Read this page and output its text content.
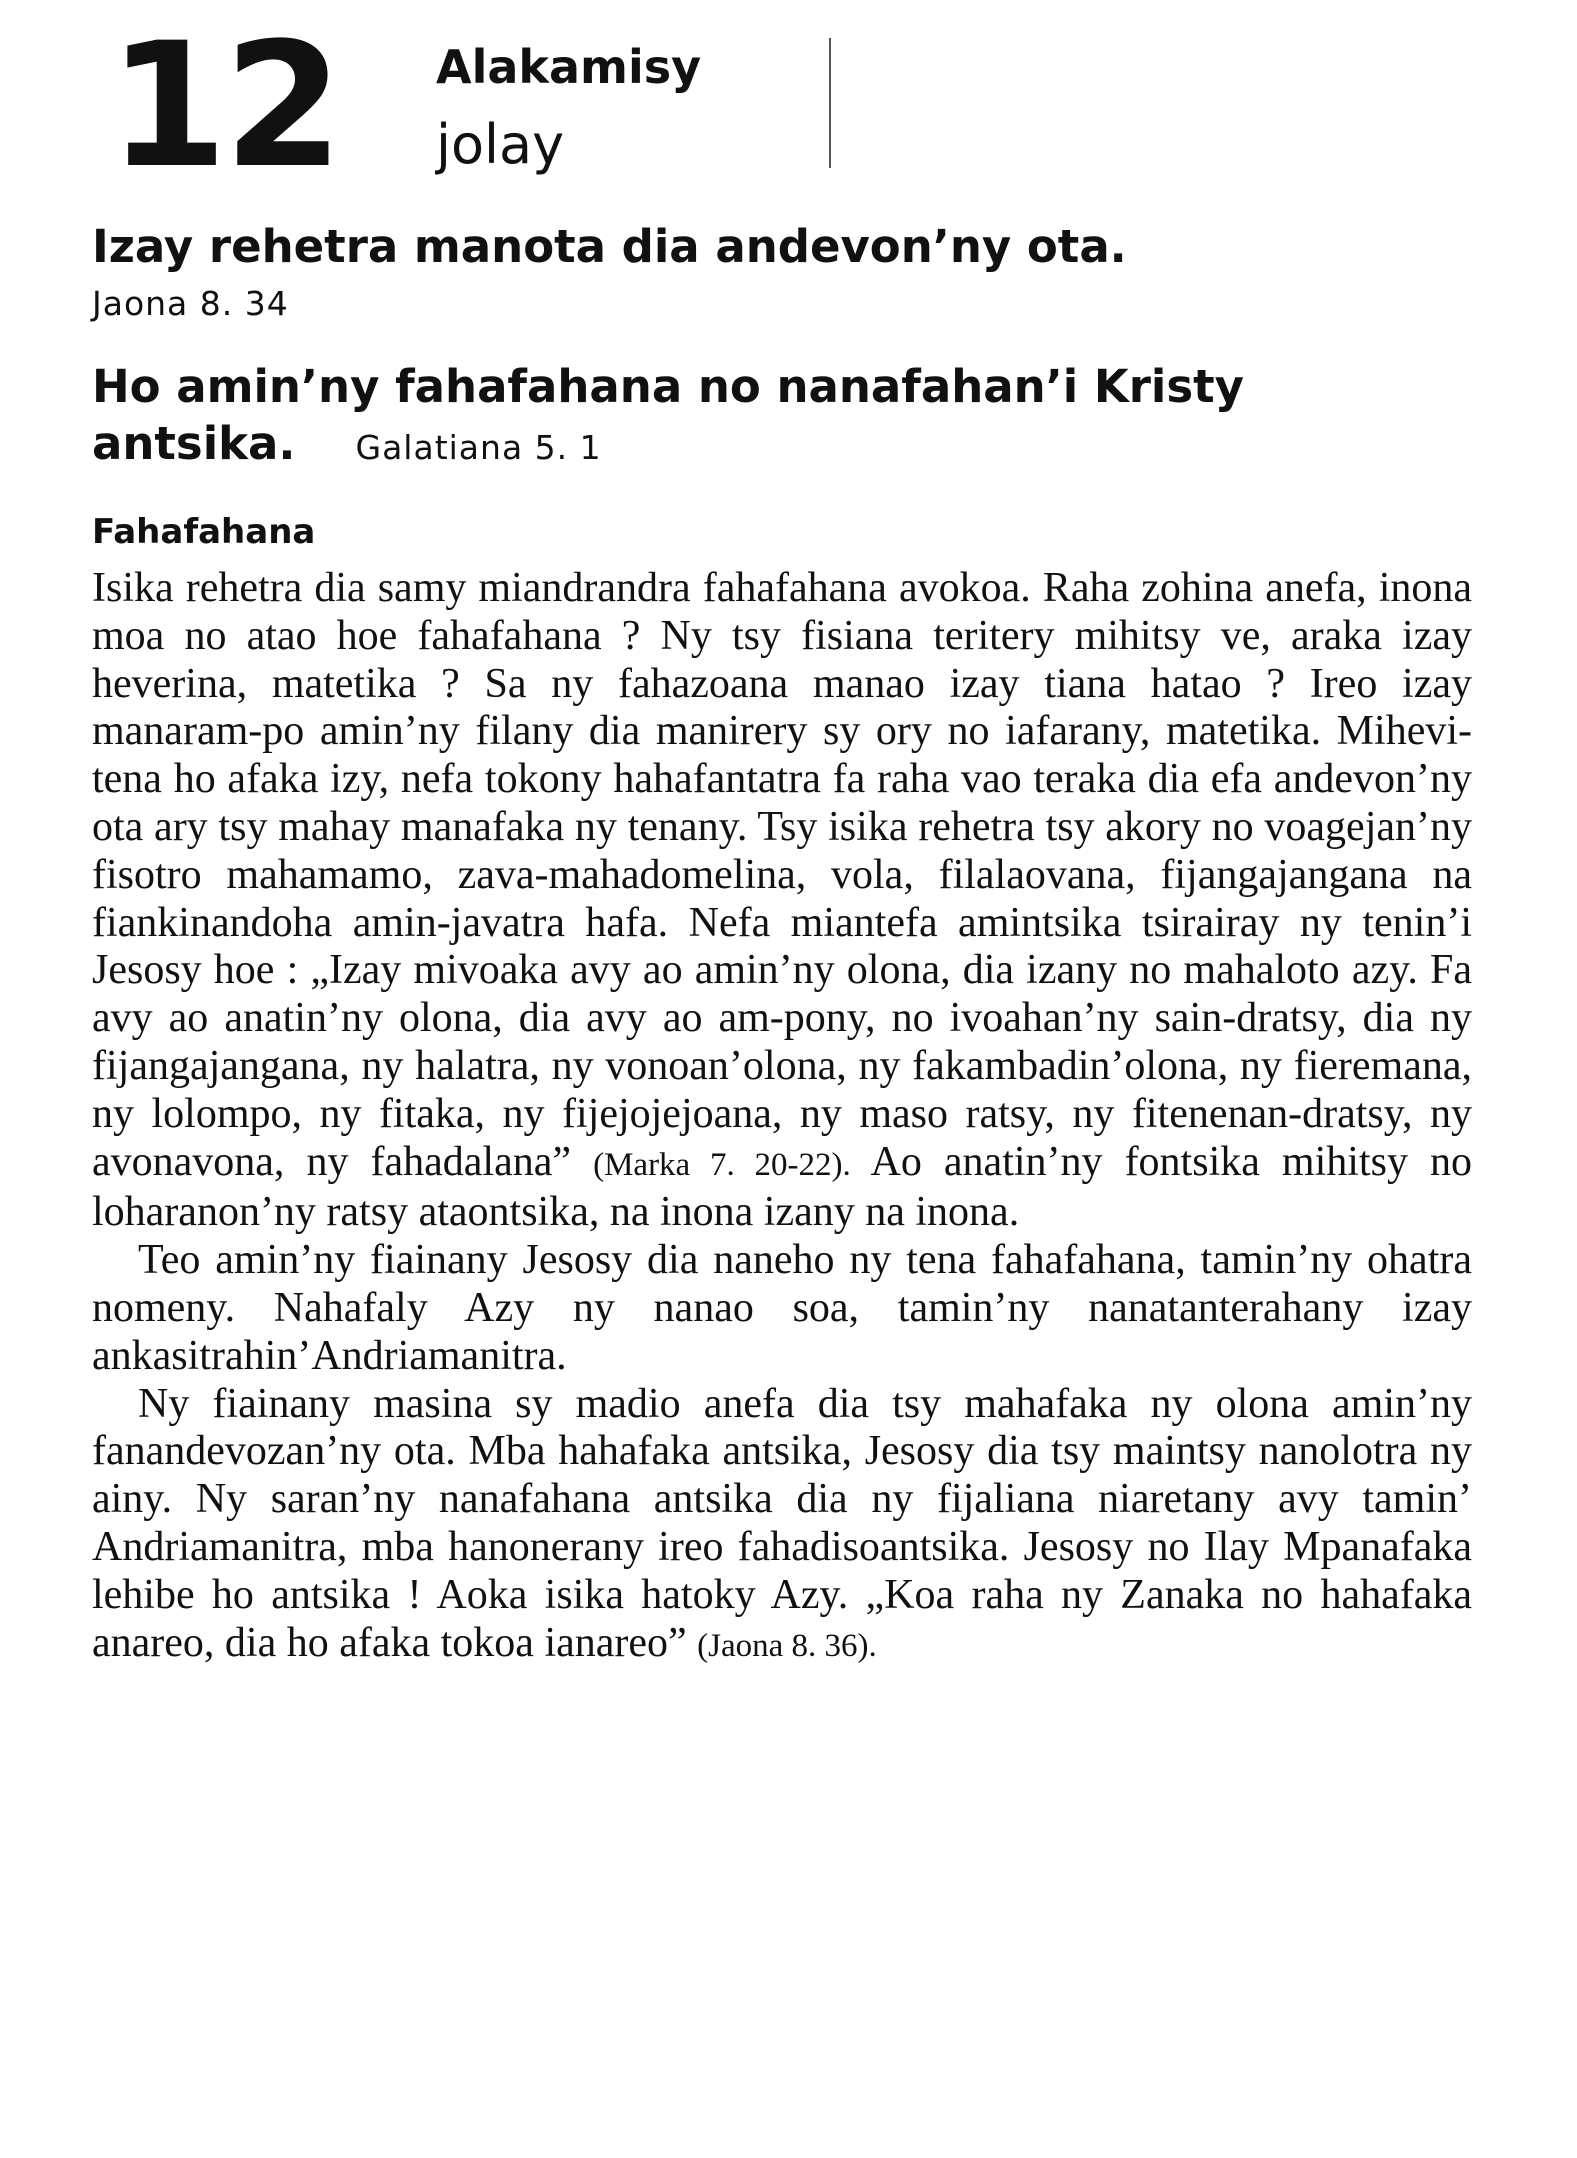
12 Alakamisy
jolay
Izay rehetra manota dia andevon’ny ota.
Jaona 8. 34
Ho amin’ny fahafahana no nanafahan’i Kristy antsika. Galatiana 5. 1
Fahafahana

Isika rehetra dia samy miandrandra fahafahana avokoa. Raha zohina anefa, inona moa no atao hoe fahafahana ? Ny tsy fisiana teritery mihitsy ve, araka izay heverina, matetika ? Sa ny fahazoana manao izay tiana hatao ? Ireo izay manaram-po amin’ny filany dia manirery sy ory no iafarany, matetika. Mihevi-tena ho afaka izy, nefa tokony hahafantatra fa raha vao teraka dia efa andevon’ny ota ary tsy mahay manafaka ny tenany. Tsy isika rehetra tsy akory no voagejan’ny fisotro mahamamo, zava-mahadomelina, vola, filalaovana, fijangajangana na fiankinandoha amin-javatra hafa. Nefa miantefa amintsika tsirairay ny tenin’i Jesosy hoe : „Izay mivoaka avy ao amin’ny olona, dia izany no mahaloto azy. Fa avy ao anatin’ny olona, dia avy ao am-pony, no ivoahan’ny sain-dratsy, dia ny fijangajangana, ny halatra, ny vonoan’olona, ny fakambadin’olona, ny fieremana, ny lolompo, ny fitaka, ny fijejojejoana, ny maso ratsy, ny fitenenan-dratsy, ny avonavona, ny fahadalana” (Marka 7. 20-22). Ao anatin’ny fontsika mihitsy no loharanon’ny ratsy ataontsika, na inona izany na inona.

Teo amin’ny fiainany Jesosy dia naneho ny tena fahafahana, tamin’ny ohatra nomeny. Nahafaly Azy ny nanao soa, tamin’ny nanatanterahany izay ankasitrahin’Andriamanitra.

Ny fiainany masina sy madio anefa dia tsy mahafaka ny olona amin’ny fanandevozan’ny ota. Mba hahafaka antsika, Jesosy dia tsy maintsy nanolotra ny ainy. Ny saran’ny nanafahana antsika dia ny fijaliana niaretany avy tamin’ Andriamanitra, mba hanonerany ireo fahadisoantsika. Jesosy no Ilay Mpanafaka lehibe ho antsika ! Aoka isika hatoky Azy. „Koa raha ny Zanaka no hahafaka anareo, dia ho afaka tokoa ianareo” (Jaona 8. 36).
